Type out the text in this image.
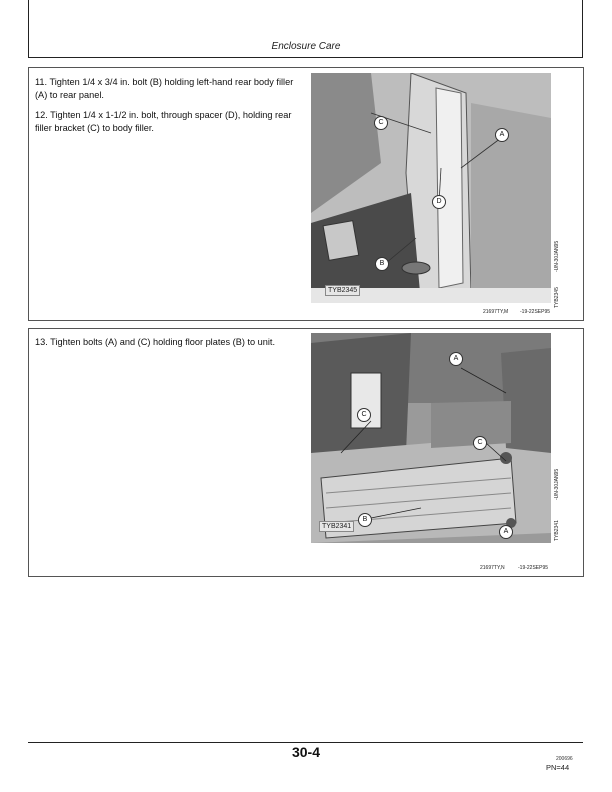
Enclosure Care

11. Tighten 1/4 x 3/4 in. bolt (B) holding left-hand rear body filler (A) to rear panel.

12. Tighten 1/4 x 1-1/2 in. bolt, through spacer (D), holding rear filler bracket (C) to body filler.	C
A
D
B
TYB2345
-UN-30JAN95
TYB2345
21697TY,M -19-22SEP95

13. Tighten bolts (A) and (C) holding floor plates (B) to unit.

A
C
C
B
A
TYB2341
-UN-30JAN95
TYB2341
21697TY,N	-19-22SEP95
30-4	200696
PN=44
